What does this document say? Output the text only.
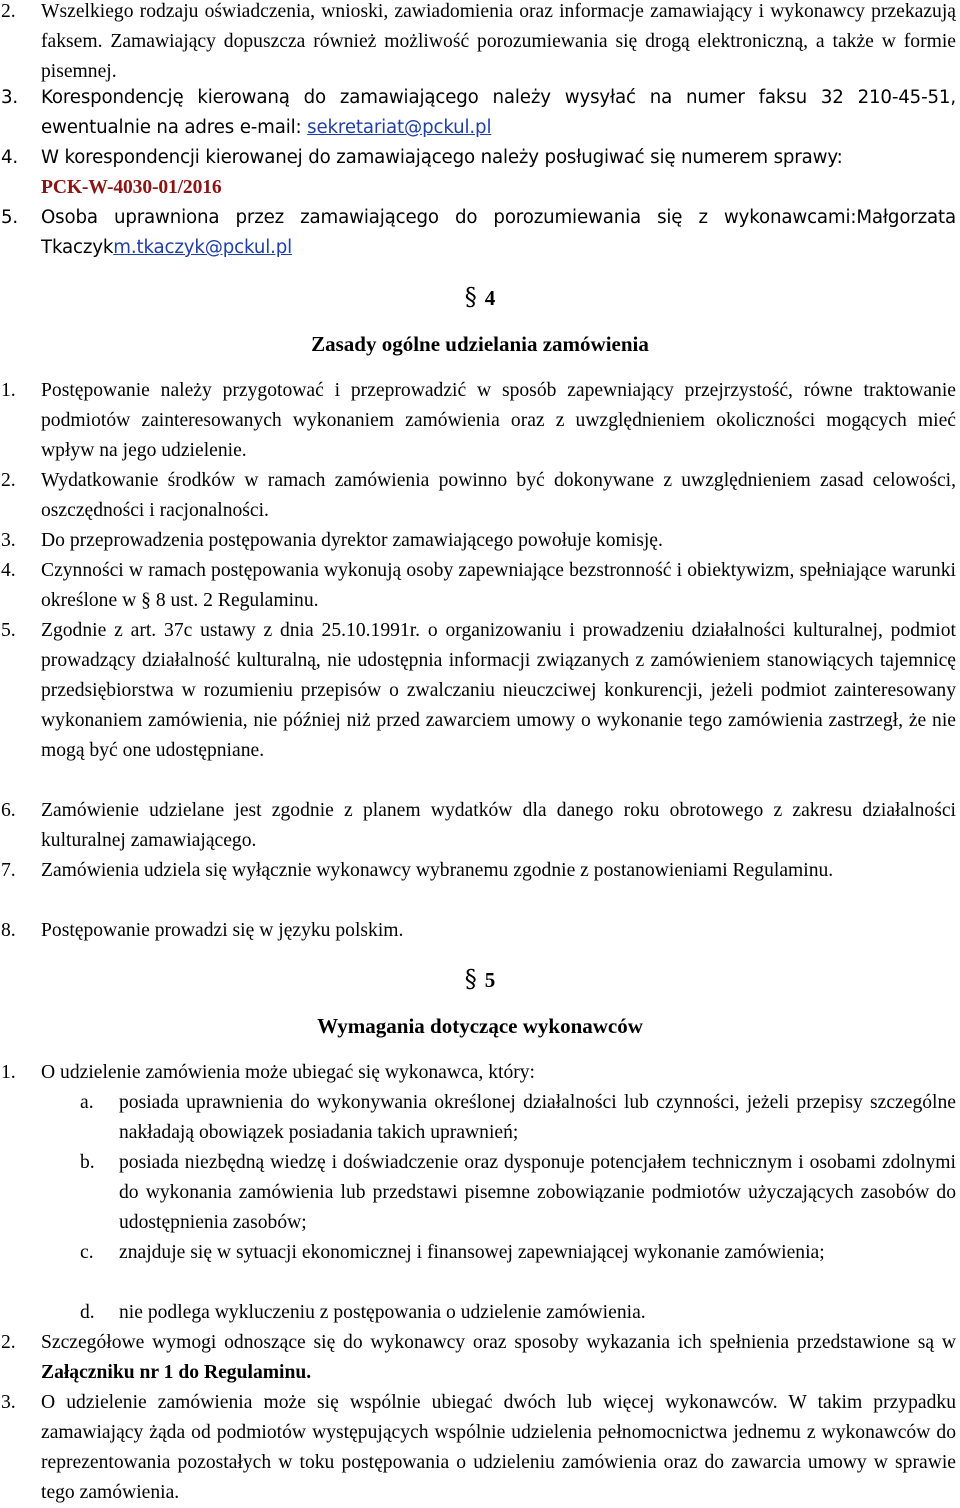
2. Wszelkiego rodzaju oświadczenia, wnioski, zawiadomienia oraz informacje zamawiający i wykonawcy przekazują faksem. Zamawiający dopuszcza również możliwość porozumiewania się drogą elektroniczną, a także w formie pisemnej.
3. Korespondencję kierowaną do zamawiającego należy wysyłać na numer faksu 32 210-45-51, ewentualnie na adres e-mail: sekretariat@pckul.pl
4. W korespondencji kierowanej do zamawiającego należy posługiwać się numerem sprawy:
PCK-W-4030-01/2016
5. Osoba uprawniona przez zamawiającego do porozumiewania się z wykonawcami:Małgorzata Tkaczykm.tkaczyk@pckul.pl
§ 4
Zasady ogólne udzielania zamówienia
1. Postępowanie należy przygotować i przeprowadzić w sposób zapewniający przejrzystość, równe traktowanie podmiotów zainteresowanych wykonaniem zamówienia oraz z uwzględnieniem okoliczności mogących mieć wpływ na jego udzielenie.
2. Wydatkowanie środków w ramach zamówienia powinno być dokonywane z uwzględnieniem zasad celowości, oszczędności i racjonalności.
3. Do przeprowadzenia postępowania dyrektor zamawiającego powołuje komisję.
4. Czynności w ramach postępowania wykonują osoby zapewniające bezstronność i obiektywizm, spełniające warunki określone w § 8 ust. 2 Regulaminu.
5. Zgodnie z art. 37c ustawy z dnia 25.10.1991r. o organizowaniu i prowadzeniu działalności kulturalnej, podmiot prowadzący działalność kulturalną, nie udostępnia informacji związanych z zamówieniem stanowiących tajemnicę przedsiębiorstwa w rozumieniu przepisów o zwalczaniu nieuczciwej konkurencji, jeżeli podmiot zainteresowany wykonaniem zamówienia, nie później niż przed zawarciem umowy o wykonanie tego zamówienia zastrzegł, że nie mogą być one udostępniane.
6. Zamówienie udzielane jest zgodnie z planem wydatków dla danego roku obrotowego z zakresu działalności kulturalnej zamawiającego.
7. Zamówienia udziela się wyłącznie wykonawcy wybranemu zgodnie z postanowieniami Regulaminu.
8. Postępowanie prowadzi się w języku polskim.
§ 5
Wymagania dotyczące wykonawców
1. O udzielenie zamówienia może ubiegać się wykonawca, który:
a. posiada uprawnienia do wykonywania określonej działalności lub czynności, jeżeli przepisy szczególne nakładają obowiązek posiadania takich uprawnień;
b. posiada niezbędną wiedzę i doświadczenie oraz dysponuje potencjałem technicznym i osobami zdolnymi do wykonania zamówienia lub przedstawi pisemne zobowiązanie podmiotów użyczających zasobów do udostępnienia zasobów;
c. znajduje się w sytuacji ekonomicznej i finansowej zapewniającej wykonanie zamówienia;
d. nie podlega wykluczeniu z postępowania o udzielenie zamówienia.
2. Szczegółowe wymogi odnoszące się do wykonawcy oraz sposoby wykazania ich spełnienia przedstawione są w Załączniku nr 1 do Regulaminu.
3. O udzielenie zamówienia może się wspólnie ubiegać dwóch lub więcej wykonawców. W takim przypadku zamawiający żąda od podmiotów występujących wspólnie udzielenia pełnomocnictwa jednemu z wykonawców do reprezentowania pozostałych w toku postępowania o udzieleniu zamówienia oraz do zawarcia umowy w sprawie tego zamówienia.
